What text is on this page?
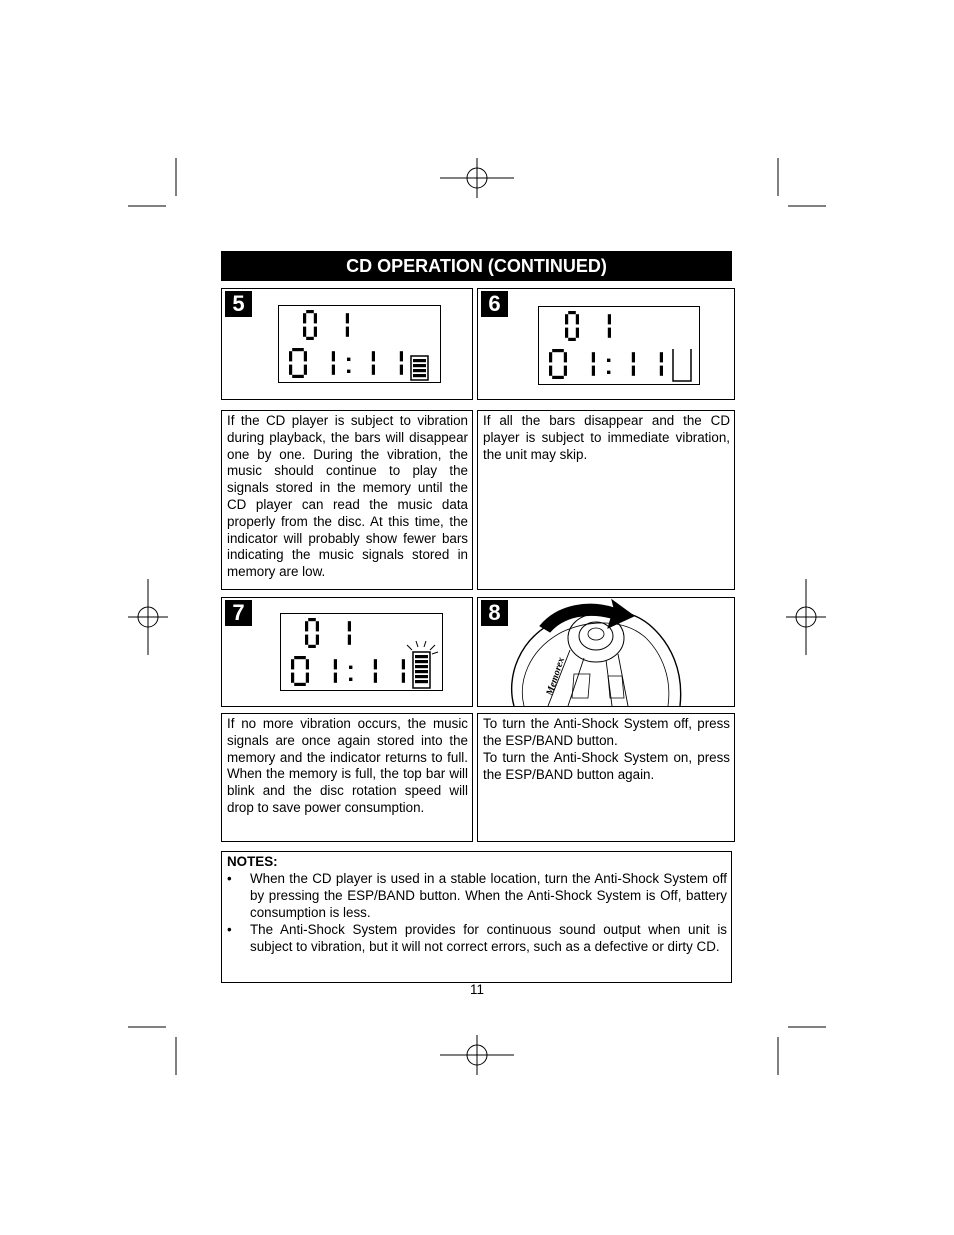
CD OPERATION (CONTINUED)
5	6

If the CD player is subject to vibration during playback, the bars will disappear one by one. During the vibration, the music should continue to play the signals stored in the memory until the CD player can read the music data properly from the disc. At this time, the indicator will probably show fewer bars indicating the music signals stored in memory are low.

If all the bars disappear and the CD player is subject to immediate vibration, the unit may skip.

7	8
Memorex

If no more vibration occurs, the music signals are once again stored into the memory and the indicator returns to full. When the memory is full, the top bar will blink and the disc rotation speed will drop to save power consumption.

To turn the Anti-Shock System off, press the ESP/BAND button.

To turn the Anti-Shock System on, press the ESP/BAND button again.

NOTES:
• When the CD player is used in a stable location, turn the Anti-Shock System off by pressing the ESP/BAND button. When the Anti-Shock System is Off, battery consumption is less.
• The Anti-Shock System provides for continuous sound output when unit is subject to vibration, but it will not correct errors, such as a defective or dirty CD.
11
